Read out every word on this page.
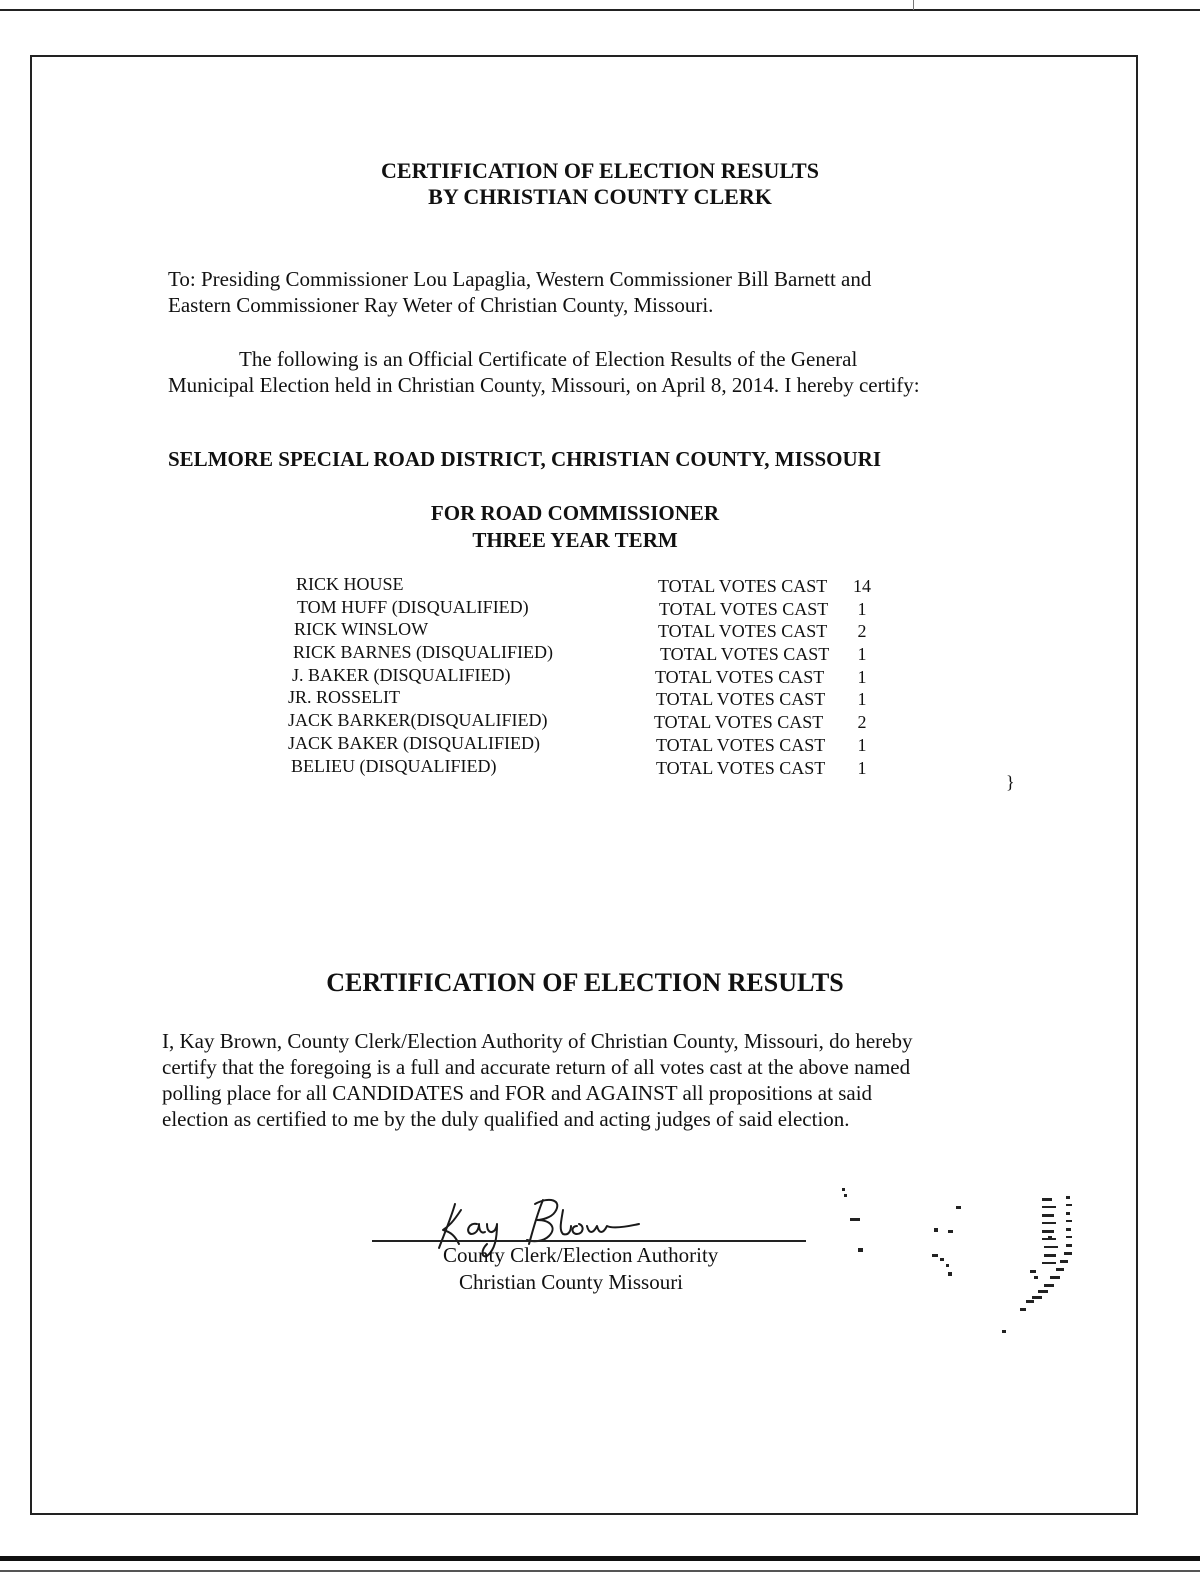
CERTIFICATION OF ELECTION RESULTS
BY CHRISTIAN COUNTY CLERK
To: Presiding Commissioner Lou Lapaglia, Western Commissioner Bill Barnett and
Eastern Commissioner Ray Weter of Christian County, Missouri.
The following is an Official Certificate of Election Results of the General
Municipal Election held in Christian County, Missouri, on April 8, 2014. I hereby certify:
SELMORE SPECIAL ROAD DISTRICT, CHRISTIAN COUNTY, MISSOURI
FOR ROAD COMMISSIONER
THREE YEAR TERM
RICK HOUSE	TOTAL VOTES CAST 14
TOM HUFF (DISQUALIFIED)	TOTAL VOTES CAST	1
RICK WINSLOW	TOTAL VOTES CAST	2
RICK BARNES (DISQUALIFIED)	TOTAL VOTES CAST	1
J. BAKER (DISQUALIFIED)	TOTAL VOTES CAST	1
JR. ROSSELIT	TOTAL VOTES CAST	1
JACK BARKER(DISQUALIFIED)	TOTAL VOTES CAST	2
JACK BAKER (DISQUALIFIED)	TOTAL VOTES CAST	1
BELIEU (DISQUALIFIED)	TOTAL VOTES CAST	1
}
CERTIFICATION OF ELECTION RESULTS
I, Kay Brown, County Clerk/Election Authority of Christian County, Missouri, do hereby
certify that the foregoing is a full and accurate return of all votes cast at the above named
polling place for all CANDIDATES and FOR and AGAINST all propositions at said
election as certified to me by the duly qualified and acting judges of said election.
County Clerk/Election Authority
Christian County Missouri
